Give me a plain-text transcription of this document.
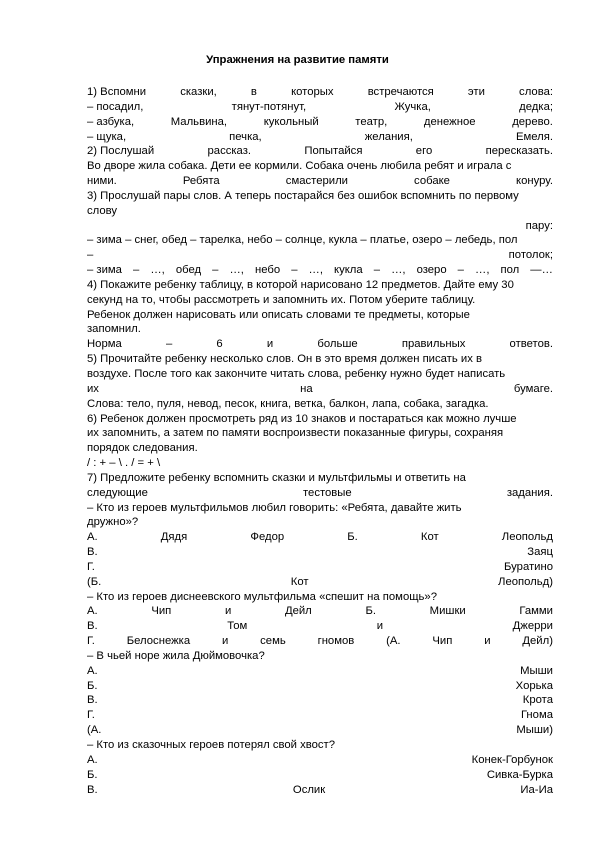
Упражнения на развитие памяти
1) Вспомни	сказки,	в	которых	встречаются	эти	слова:
– посадил,	тянут-потянут,	Жучка,	дедка;
– азбука,	Мальвина,	кукольный	театр,	денежное	дерево.
– щука,	печка,	желания,	Емеля.
2) Послушай	рассказ.	Попытайся	его	пересказать.
Во дворе жила собака. Дети ее кормили. Собака очень любила ребят и играла с
ними.	Ребята	смастерили	собаке	конуру.
3) Прослушай пары слов. А теперь постарайся без ошибок вспомнить по первому
слову
пару:
– зима – снег, обед – тарелка, небо – солнце, кукла – платье, озеро – лебедь, пол
–	потолок;
– зима – …, обед – …, небо – …, кукла – …, озеро – …, пол —…
4) Покажите ребенку таблицу, в которой нарисовано 12 предметов. Дайте ему 30
секунд на то, чтобы рассмотреть и запомнить их. Потом уберите таблицу.
Ребенок должен нарисовать или описать словами те предметы, которые
запомнил.
Норма	–	6	и	больше	правильных	ответов.
5) Прочитайте ребенку несколько слов. Он в это время должен писать их в
воздухе. После того как закончите читать слова, ребенку нужно будет написать
их	на	бумаге.
Слова: тело, пуля, невод, песок, книга, ветка, балкон, лапа, собака, загадка.
6) Ребенок должен просмотреть ряд из 10 знаков и постараться как можно лучше
их запомнить, а затем по памяти воспроизвести показанные фигуры, сохраняя
порядок следования.
/ : + – \ . / = + \
7) Предложите ребенку вспомнить сказки и мультфильмы и ответить на
следующие	тестовые	задания.
– Кто из героев мультфильмов любил говорить: «Ребята, давайте жить
дружно»?
А.	Дядя	Федор	Б.	Кот	Леопольд
В.	Заяц
Г.	Буратино
(Б.	Кот	Леопольд)
– Кто из героев диснеевского мультфильма «спешит на помощь»?
А.	Чип	и	Дейл	Б.	Мишки	Гамми
В.	Том	и	Джерри
Г.	Белоснежка	и	семь	гномов	(А.	Чип	и	Дейл)
– В чьей норе жила Дюймовочка?
А.	Мыши
Б.	Хорька
В.	Крота
Г.	Гнома
(А.	Мыши)
– Кто из сказочных героев потерял свой хвост?
А.	Конек-Горбунок
Б.	Сивка-Бурка
В.	Ослик	Иа-Иа
